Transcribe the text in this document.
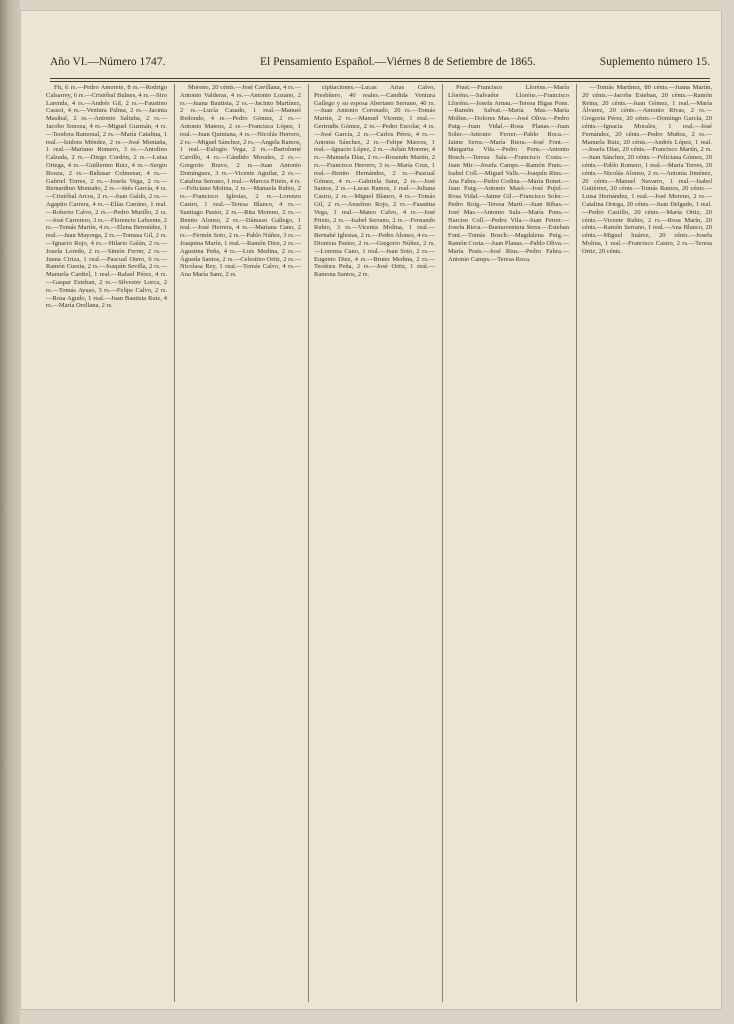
Año VI.—Número 1747.	El Pensamiento Español.—Viérnes 8 de Setiembre de 1865.	Suplemento número 15.

Fit, 6 rs.—Pedro Amorete, 8 rs.—Rodrigo Calsarrey, 6 rs.—Cristóbal Bulnes, 4 rs.—Siro Larenda, 4 rs.—Andrés Gil, 2 rs.—Faustino Cassoi, 4 rs.—Ventura Palma, 2 rs.—Jacinta Masibal, 2 rs.—Antonio Saliuba, 2 rs.—Jacobo Sonoza, 4 rs.—Miguel Guzmán, 4 rs.—Teodora Ramonal, 2 rs.—María Catalina, 1 real.—Isidora Méndez, 2 rs.—José Montaña, 1 real.—Mariano Romero, 3 rs.—Antolino Calzada, 2 rs.—Diego Cordón, 2 rs.—Luisa Ortega, 4 rs.—Guillermo Ruiz, 4 rs.—Sergio Bouza, 2 rs.—Baltasar Colmenar, 4 rs.—Gabriel Torres, 2 rs.—Josefa Vega, 2 rs.—Bernardino Montaño, 2 rs.—Inés García, 4 rs.—Cristóbal Arcos, 2 rs.—Juan Galdo, 2 rs.—Agapito Carrera, 4 rs.—Elías Camino, 1 real.—Roberto Calvo, 2 rs.—Pedro Murillo, 2 rs.—José Carretero, 3 rs.—Florencio Lafuente, 2 rs.—Tomás Martín, 4 rs.—Elena Bermúdez, 1 real.—Juan Mayorga, 2 rs.—Tomasa Gil, 2 rs.—Ignacio Rojo, 4 rs.—Hilario Galán, 2 rs.—Josefa Loredo, 2 rs.—Simón Ferrer, 2 rs.—Juana Ciriza, 1 real.—Pascual Otero, 6 rs.—Ramón Cuesta, 2 rs.—Joaquín Sevilla, 2 rs.—Manuela Cardiel, 1 real.—Rafael Pérez, 4 rs.—Gaspar Esteban, 2 rs.—Silvestre Lorca, 2 rs.—Tomás Ayuso, 3 rs.—Felipe Calvo, 2 rs.—Rosa Agudo, 1 real.—Juan Bautista Ruiz, 4 rs.—María Orellana, 2 rs.

Moreno, 20 cénts.—José Cavillana, 4 rs.—Antonio Valderas, 4 rs.—Antonio Lozano, 2 rs.—Juana Bautista, 2 rs.—Jacinto Martínez, 2 rs.—Lucía Casado, 1 real.—Manuel Redondo, 4 rs.—Pedro Gómez, 2 rs.—Antonio Mateos, 2 rs.—Francisca López, 1 real.—Juan Quintana, 4 rs.—Nicolás Herrero, 2 rs.—Miguel Sánchez, 2 rs.—Angela Ramos, 1 real.—Eulogio Vega, 2 rs.—Bartolomé Carrillo, 4 rs.—Cándido Morales, 2 rs.—Gregorio Bravo, 2 rs.—Juan Antonio Domínguez, 3 rs.—Vicente Aguilar, 2 rs.—Catalina Serrano, 1 real.—Marcos Prieto, 4 rs.—Feliciano Molina, 2 rs.—Manuela Rubio, 2 rs.—Francisco Iglesias, 2 rs.—Lorenzo Castro, 1 real.—Teresa Blanco, 4 rs.—Santiago Pastor, 2 rs.—Rita Moreno, 2 rs.—Benito Alonso, 2 rs.—Dámaso Gallego, 1 real.—José Herrera, 4 rs.—Mariana Cano, 2 rs.—Fermín Soto, 2 rs.—Pablo Núñez, 3 rs.—Joaquina Marín, 1 real.—Ramón Diez, 2 rs.—Agustina Peña, 4 rs.—Luis Medina, 2 rs.—Águeda Santos, 2 rs.—Celestino Ortiz, 2 rs.—Nicolasa Rey, 1 real.—Tomás Calvo, 4 rs.—Ana María Sanz, 2 rs.

cipitaciones.—Lucas Arias Calvo, Presbítero, 40 reales.—Candida Ventura Gallego y su esposa Abertano Serrano, 40 rs.—Juan Antonio Coronado, 20 rs.—Tomás Martín, 2 rs.—Manuel Vicente, 1 real.—Gertrudis Gómez, 2 rs.—Pedro Escolar, 4 rs.—José García, 2 rs.—Carlos Pérez, 4 rs.—Antonia Sánchez, 2 rs.—Felipe Marcos, 1 real.—Ignacio López, 2 rs.—Julián Moreno, 4 rs.—Manuela Díaz, 2 rs.—Rosendo Martín, 2 rs.—Francisco Herrero, 3 rs.—María Cruz, 1 real.—Benito Hernández, 2 rs.—Pascual Gómez, 4 rs.—Gabriela Sanz, 2 rs.—José Santos, 2 rs.—Lucas Ramos, 1 real.—Juliana Castro, 2 rs.—Miguel Blanco, 4 rs.—Tomás Gil, 2 rs.—Anselmo Rojo, 2 rs.—Faustina Vega, 1 real.—Mateo Calvo, 4 rs.—José Prieto, 2 rs.—Isabel Serrano, 2 rs.—Fernando Rubio, 3 rs.—Vicenta Molina, 1 real.—Bernabé Iglesias, 2 rs.—Pedro Alonso, 4 rs.—Dionisia Pastor, 2 rs.—Gregorio Núñez, 2 rs.—Lorenza Cano, 1 real.—Juan Soto, 2 rs.—Eugenio Diez, 4 rs.—Bruno Medina, 2 rs.—Teodora Peña, 2 rs.—José Ortiz, 1 real.—Ramona Santos, 2 rs.

Prast.—Francisco Lloréns.—María Lloréns.—Salvador Lloréns.—Francisco Lloréns.—Josefa Arnau.—Teresa Bigas Pons.—Ramón Salvat.—María Mas.—María Molins.—Dolores Mas.—José Oliva.—Pedro Puig.—Juan Vidal.—Rosa Planas.—Juan Soler.—Antonio Ferrer.—Pablo Roca.—Jaime Serra.—María Riera.—José Font.—Margarita Vila.—Pedro Pons.—Antonio Bosch.—Teresa Sala.—Francisco Costa.—Juan Mir.—Josefa Camps.—Ramón Prats.—Isabel Coll.—Miguel Valls.—Joaquín Rius.—Ana Fabra.—Pedro Codina.—María Bonet.—Juan Puig.—Antonio Masó.—José Pujol.—Rosa Vidal.—Jaime Gil.—Francisco Soler.—Pedro Roig.—Teresa Martí.—Juan Ribas.—José Mas.—Antonio Sala.—María Pons.—Narciso Coll.—Pedro Vila.—Juan Ferrer.—Josefa Riera.—Buenaventura Serra.—Esteban Font.—Tomás Bosch.—Magdalena Puig.—Ramón Costa.—Juan Planas.—Pablo Oliva.—María Prats.—José Rius.—Pedro Fabra.—Antonio Camps.—Teresa Roca.

—Tomás Martínez, 80 cénts.—Juana Martín, 20 cénts.—Jacoba Esteban, 20 cénts.—Ramón Reina, 20 cénts.—Juan Gómez, 1 real.—María Álvarez, 20 cénts.—Antonio Rivas, 2 rs.—Gregoria Pérez, 20 cénts.—Domingo García, 20 cénts.—Ignacia Morales, 1 real.—José Fernández, 20 cénts.—Pedro Muñoz, 2 rs.—Manuela Ruiz, 20 cénts.—Andrés López, 1 real.—Josefa Díaz, 20 cénts.—Francisco Martín, 2 rs.—Juan Sánchez, 20 cénts.—Feliciana Gómez, 20 cénts.—Pablo Romero, 1 real.—María Torres, 20 cénts.—Nicolás Alonso, 2 rs.—Antonia Jiménez, 20 cénts.—Manuel Navarro, 1 real.—Isabel Gutiérrez, 20 cénts.—Tomás Ramos, 20 cénts.—Luisa Hernández, 1 real.—José Moreno, 2 rs.—Catalina Ortega, 20 cénts.—Juan Delgado, 1 real.—Pedro Castillo, 20 cénts.—María Ortiz, 20 cénts.—Vicente Rubio, 2 rs.—Rosa Marín, 20 cénts.—Ramón Serrano, 1 real.—Ana Blanco, 20 cénts.—Miguel Suárez, 20 cénts.—Josefa Molina, 1 real.—Francisco Castro, 2 rs.—Teresa Ortiz, 20 cénts.
